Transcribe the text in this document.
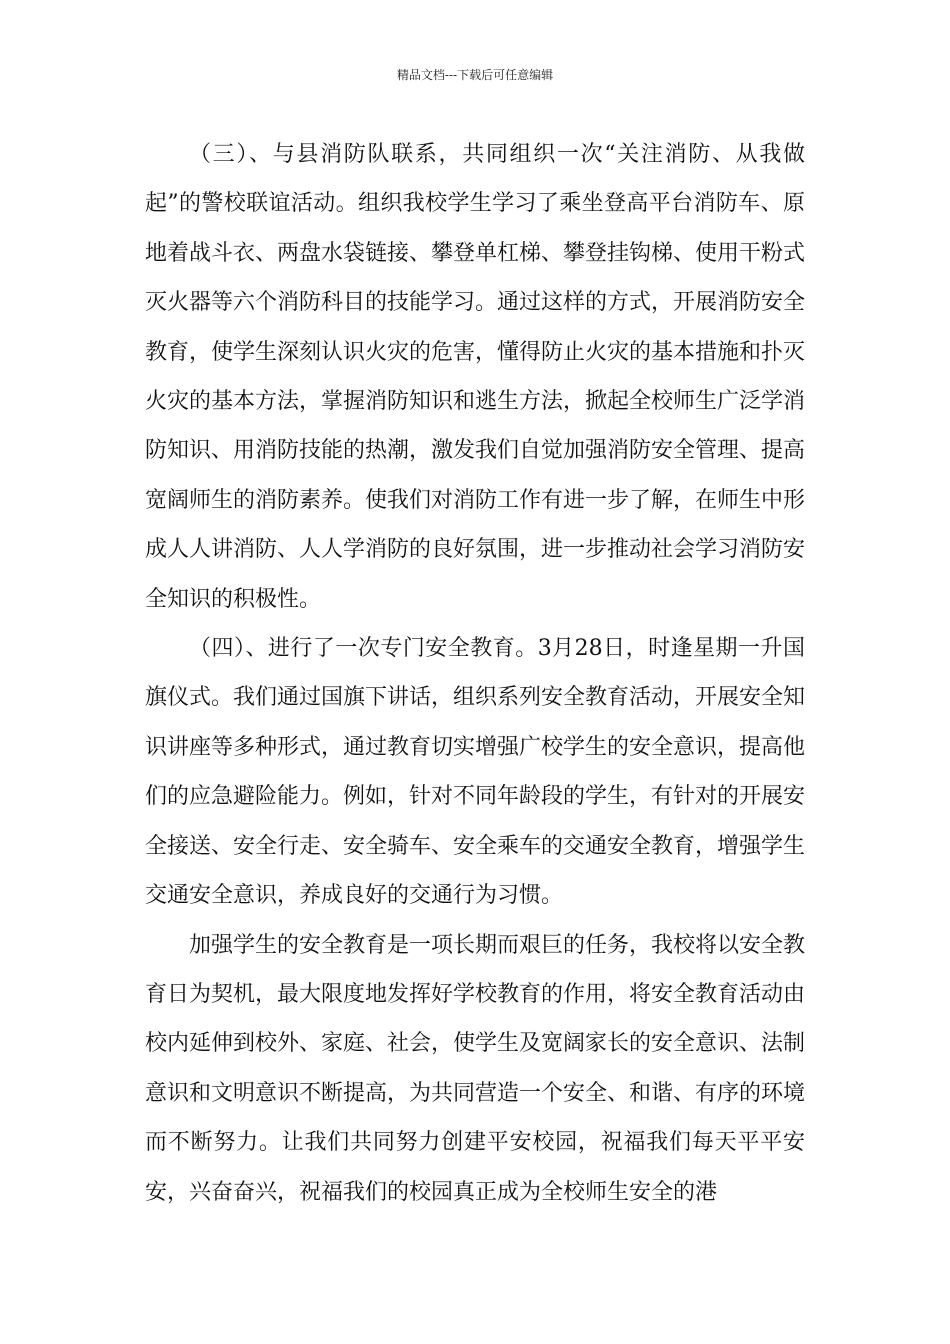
精品文档---下载后可任意编辑

（三）、与县消防队联系，共同组织一次“关注消防、从我做起”的警校联谊活动。组织我校学生学习了乘坐登高平台消防车、原地着战斗衣、两盘水袋链接、攀登单杠梯、攀登挂钩梯、使用干粉式灭火器等六个消防科目的技能学习。通过这样的方式，开展消防安全教育，使学生深刻认识火灾的危害，懂得防止火灾的基本措施和扑灭火灾的基本方法，掌握消防知识和逃生方法，掀起全校师生广泛学消防知识、用消防技能的热潮，激发我们自觉加强消防安全管理、提高宽阔师生的消防素养。使我们对消防工作有进一步了解，在师生中形成人人讲消防、人人学消防的良好氛围，进一步推动社会学习消防安全知识的积极性。

（四）、进行了一次专门安全教育。3月28日，时逢星期一升国旗仪式。我们通过国旗下讲话，组织系列安全教育活动，开展安全知识讲座等多种形式，通过教育切实增强广校学生的安全意识，提高他们的应急避险能力。例如，针对不同年龄段的学生，有针对的开展安全接送、安全行走、安全骑车、安全乘车的交通安全教育，增强学生交通安全意识，养成良好的交通行为习惯。

加强学生的安全教育是一项长期而艰巨的任务，我校将以安全教育日为契机，最大限度地发挥好学校教育的作用，将安全教育活动由校内延伸到校外、家庭、社会，使学生及宽阔家长的安全意识、法制意识和文明意识不断提高，为共同营造一个安全、和谐、有序的环境而不断努力。让我们共同努力创建平安校园，祝福我们每天平平安安，兴奋奋兴，祝福我们的校园真正成为全校师生安全的港
